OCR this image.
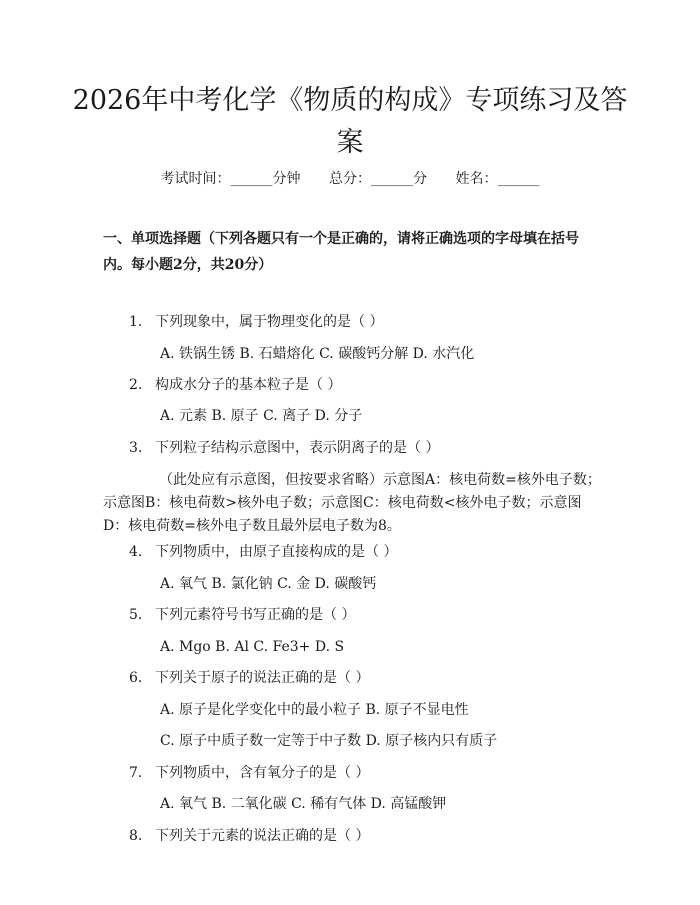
2026年中考化学《物质的构成》专项练习及答案
考试时间：______分钟 总分：______分 姓名：______
一、单项选择题（下列各题只有一个是正确的，请将正确选项的字母填在括号内。每小题2分，共20分）
1. 下列现象中，属于物理变化的是（ ）
A. 铁锅生锈 B. 石蜡熔化 C. 碳酸钙分解 D. 水汽化
2. 构成水分子的基本粒子是（ ）
A. 元素 B. 原子 C. 离子 D. 分子
3. 下列粒子结构示意图中，表示阴离子的是（ ）
（此处应有示意图，但按要求省略）示意图A：核电荷数=核外电子数；示意图B：核电荷数>核外电子数；示意图C：核电荷数<核外电子数；示意图D：核电荷数=核外电子数且最外层电子数为8。
4. 下列物质中，由原子直接构成的是（ ）
A. 氧气 B. 氯化钠 C. 金 D. 碳酸钙
5. 下列元素符号书写正确的是（ ）
A. Mgo B. Al C. Fe3+ D. S
6. 下列关于原子的说法正确的是（ ）
A. 原子是化学变化中的最小粒子 B. 原子不显电性
C. 原子中质子数一定等于中子数 D. 原子核内只有质子
7. 下列物质中，含有氧分子的是（ ）
A. 氧气 B. 二氧化碳 C. 稀有气体 D. 高锰酸钾
8. 下列关于元素的说法正确的是（ ）
